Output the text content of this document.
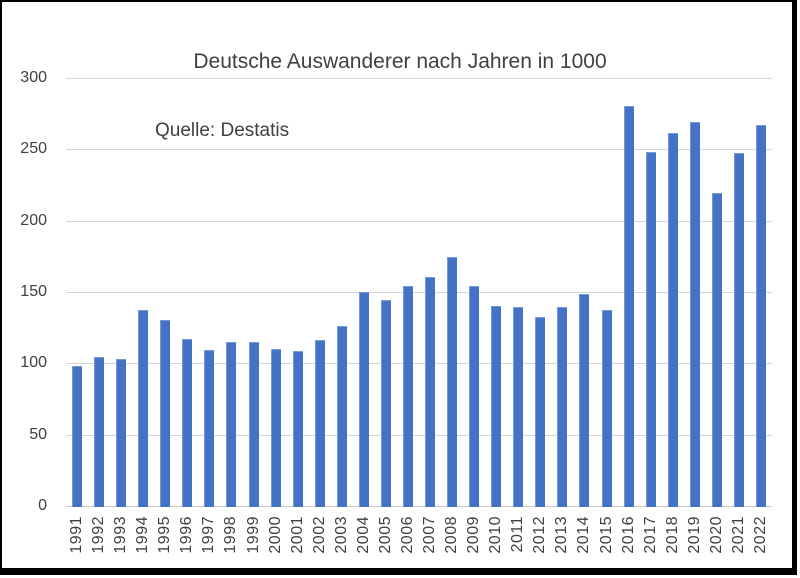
Deutsche Auswanderer nach Jahren in 1000
Quelle: Destatis
0
50
100
150
200
250
300
1991 1992 1993 1994 1995 1996 1997 1998 1999 2000 2001 2002 2003 2004 2005 2006 2007 2008 2009 2010 2011 2012 2013 2014 2015 2016 2017 2018 2019 2020 2021 2022
